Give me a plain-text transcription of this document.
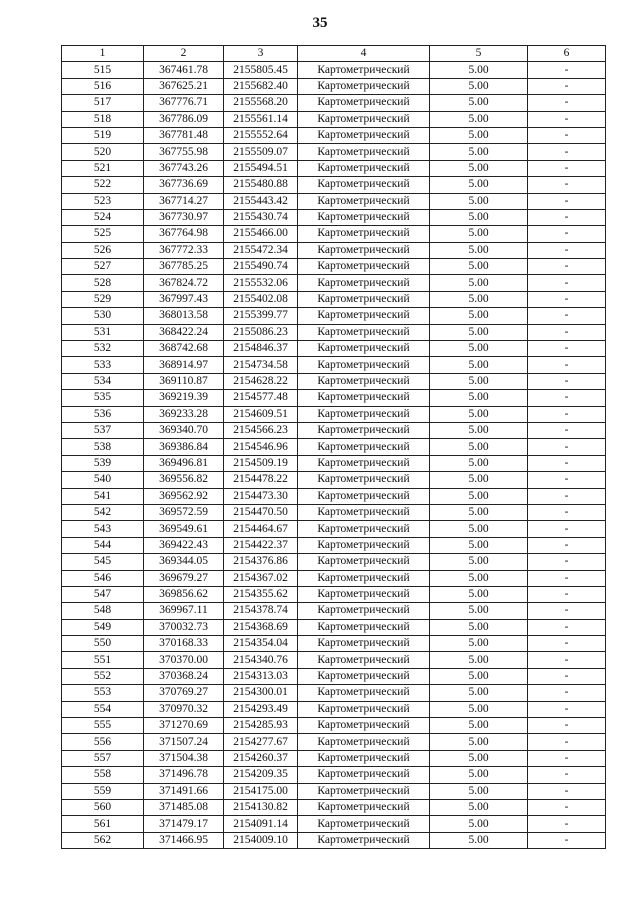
35
1	2	3	4	5	6
515	367461.78	2155805.45	Картометрический	5.00	-
516	367625.21	2155682.40	Картометрический	5.00	-
517	367776.71	2155568.20	Картометрический	5.00	-
518	367786.09	2155561.14	Картометрический	5.00	-
519	367781.48	2155552.64	Картометрический	5.00	-
520	367755.98	2155509.07	Картометрический	5.00	-
521	367743.26	2155494.51	Картометрический	5.00	-
522	367736.69	2155480.88	Картометрический	5.00	-
523	367714.27	2155443.42	Картометрический	5.00	-
524	367730.97	2155430.74	Картометрический	5.00	-
525	367764.98	2155466.00	Картометрический	5.00	-
526	367772.33	2155472.34	Картометрический	5.00	-
527	367785.25	2155490.74	Картометрический	5.00	-
528	367824.72	2155532.06	Картометрический	5.00	-
529	367997.43	2155402.08	Картометрический	5.00	-
530	368013.58	2155399.77	Картометрический	5.00	-
531	368422.24	2155086.23	Картометрический	5.00	-
532	368742.68	2154846.37	Картометрический	5.00	-
533	368914.97	2154734.58	Картометрический	5.00	-
534	369110.87	2154628.22	Картометрический	5.00	-
535	369219.39	2154577.48	Картометрический	5.00	-
536	369233.28	2154609.51	Картометрический	5.00	-
537	369340.70	2154566.23	Картометрический	5.00	-
538	369386.84	2154546.96	Картометрический	5.00	-
539	369496.81	2154509.19	Картометрический	5.00	-
540	369556.82	2154478.22	Картометрический	5.00	-
541	369562.92	2154473.30	Картометрический	5.00	-
542	369572.59	2154470.50	Картометрический	5.00	-
543	369549.61	2154464.67	Картометрический	5.00	-
544	369422.43	2154422.37	Картометрический	5.00	-
545	369344.05	2154376.86	Картометрический	5.00	-
546	369679.27	2154367.02	Картометрический	5.00	-
547	369856.62	2154355.62	Картометрический	5.00	-
548	369967.11	2154378.74	Картометрический	5.00	-
549	370032.73	2154368.69	Картометрический	5.00	-
550	370168.33	2154354.04	Картометрический	5.00	-
551	370370.00	2154340.76	Картометрический	5.00	-
552	370368.24	2154313.03	Картометрический	5.00	-
553	370769.27	2154300.01	Картометрический	5.00	-
554	370970.32	2154293.49	Картометрический	5.00	-
555	371270.69	2154285.93	Картометрический	5.00	-
556	371507.24	2154277.67	Картометрический	5.00	-
557	371504.38	2154260.37	Картометрический	5.00	-
558	371496.78	2154209.35	Картометрический	5.00	-
559	371491.66	2154175.00	Картометрический	5.00	-
560	371485.08	2154130.82	Картометрический	5.00	-
561	371479.17	2154091.14	Картометрический	5.00	-
562	371466.95	2154009.10	Картометрический	5.00	-
